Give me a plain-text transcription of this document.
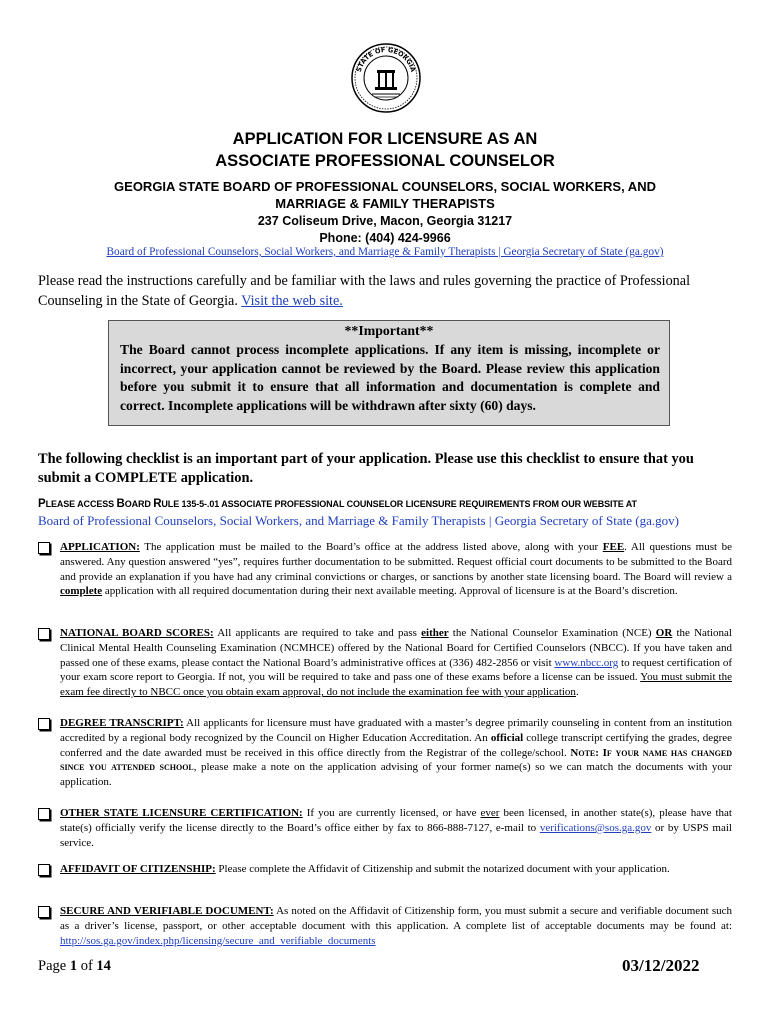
STATE OF GEORGIA
APPLICATION FOR LICENSURE AS AN
ASSOCIATE PROFESSIONAL COUNSELOR
GEORGIA STATE BOARD OF PROFESSIONAL COUNSELORS, SOCIAL WORKERS, AND
MARRIAGE & FAMILY THERAPISTS
237 Coliseum Drive, Macon, Georgia 31217
Phone: (404) 424-9966
Board of Professional Counselors, Social Workers, and Marriage & Family Therapists | Georgia Secretary of State (ga.gov)
Please read the instructions carefully and be familiar with the laws and rules governing the practice of Professional Counseling in the State of Georgia. Visit the web site.
**Important**
The Board cannot process incomplete applications. If any item is missing, incomplete or incorrect, your application cannot be reviewed by the Board. Please review this application before you submit it to ensure that all information and documentation is complete and correct. Incomplete applications will be withdrawn after sixty (60) days.
The following checklist is an important part of your application. Please use this checklist to ensure that you submit a COMPLETE application.
PLEASE ACCESS BOARD RULE 135-5-.01 ASSOCIATE PROFESSIONAL COUNSELOR LICENSURE REQUIREMENTS FROM OUR WEBSITE AT
Board of Professional Counselors, Social Workers, and Marriage & Family Therapists | Georgia Secretary of State (ga.gov)
APPLICATION: The application must be mailed to the Board’s office at the address listed above, along with your FEE. All questions must be answered. Any question answered “yes”, requires further documentation to be submitted. Request official court documents to be submitted to the Board and provide an explanation if you have had any criminal convictions or charges, or sanctions by another state licensing board. The Board will review a complete application with all required documentation during their next available meeting. Approval of licensure is at the Board’s discretion.
NATIONAL BOARD SCORES: All applicants are required to take and pass either the National Counselor Examination (NCE) OR the National Clinical Mental Health Counseling Examination (NCMHCE) offered by the National Board for Certified Counselors (NBCC). If you have taken and passed one of these exams, please contact the National Board’s administrative offices at (336) 482-2856 or visit www.nbcc.org to request certification of your exam score report to Georgia. If not, you will be required to take and pass one of these exams before a license can be issued. You must submit the exam fee directly to NBCC once you obtain exam approval, do not include the examination fee with your application.
DEGREE TRANSCRIPT: All applicants for licensure must have graduated with a master’s degree primarily counseling in content from an institution accredited by a regional body recognized by the Council on Higher Education Accreditation. An official college transcript certifying the grades, degree conferred and the date awarded must be received in this office directly from the Registrar of the college/school. Note: If your name has changed since you attended school, please make a note on the application advising of your former name(s) so we can match the documents with your application.
OTHER STATE LICENSURE CERTIFICATION: If you are currently licensed, or have ever been licensed, in another state(s), please have that state(s) officially verify the license directly to the Board’s office either by fax to 866-888-7127, e-mail to verifications@sos.ga.gov or by USPS mail service.
AFFIDAVIT OF CITIZENSHIP: Please complete the Affidavit of Citizenship and submit the notarized document with your application.
SECURE AND VERIFIABLE DOCUMENT: As noted on the Affidavit of Citizenship form, you must submit a secure and verifiable document such as a driver’s license, passport, or other acceptable document with this application. A complete list of acceptable documents may be found at: http://sos.ga.gov/index.php/licensing/secure_and_verifiable_documents
Page 1 of 14	03/12/2022
